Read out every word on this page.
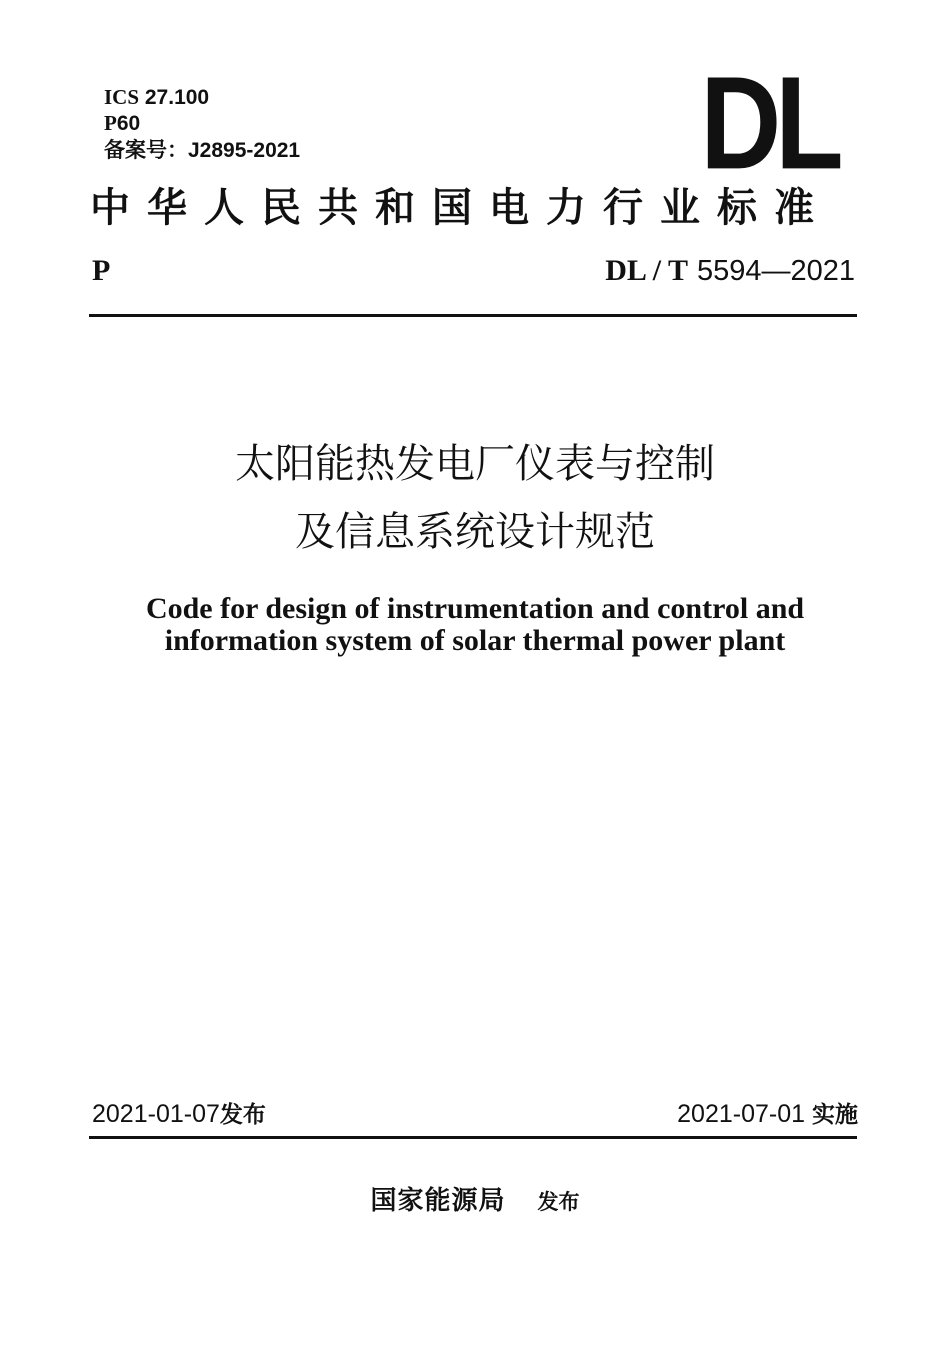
ICS 27.100
P60
备案号：J2895-2021	DL
中华人民共和国电力行业标准
P	DL / T 5594—2021
太阳能热发电厂仪表与控制
及信息系统设计规范
Code for design of instrumentation and control and
information system of solar thermal power plant
2021-01-07发布	2021-07-01 实施
国家能源局 发布
